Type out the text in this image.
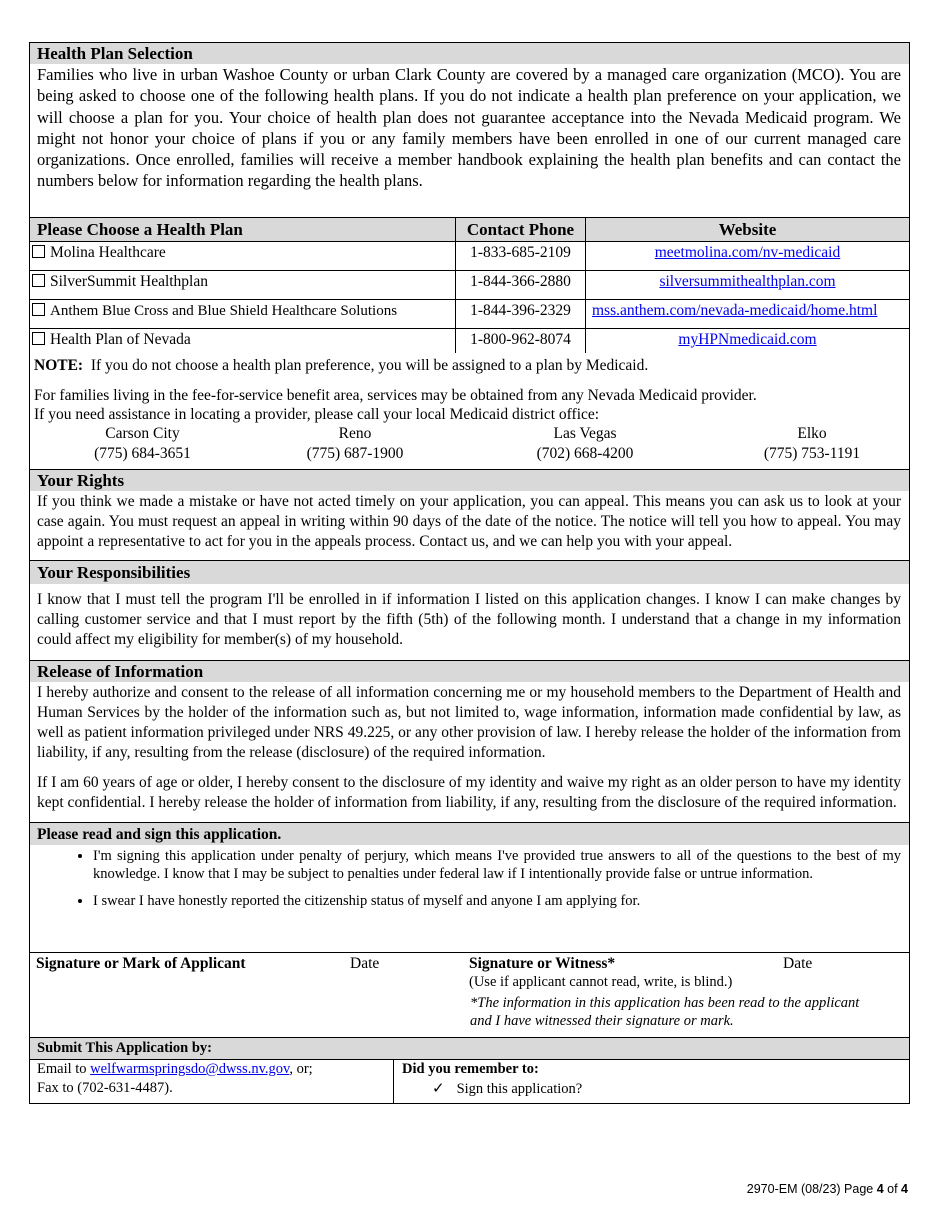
Health Plan Selection
Families who live in urban Washoe County or urban Clark County are covered by a managed care organization (MCO). You are being asked to choose one of the following health plans. If you do not indicate a health plan preference on your application, we will choose a plan for you. Your choice of health plan does not guarantee acceptance into the Nevada Medicaid program. We might not honor your choice of plans if you or any family members have been enrolled in one of our current managed care organizations. Once enrolled, families will receive a member handbook explaining the health plan benefits and can contact the numbers below for information regarding the health plans.
Please Choose a Health Plan	Contact Phone	Website
Molina Healthcare	1-833-685-2109	meetmolina.com/nv-medicaid
SilverSummit Healthplan	1-844-366-2880	silversummithealthplan.com
Anthem Blue Cross and Blue Shield Healthcare Solutions	1-844-396-2329	mss.anthem.com/nevada-medicaid/home.html
Health Plan of Nevada	1-800-962-8074	myHPNmedicaid.com
NOTE: If you do not choose a health plan preference, you will be assigned to a plan by Medicaid.
For families living in the fee-for-service benefit area, services may be obtained from any Nevada Medicaid provider.
If you need assistance in locating a provider, please call your local Medicaid district office:
Carson City
(775) 684-3651
Reno
(775) 687-1900
Las Vegas
(702) 668-4200
Elko
(775) 753-1191
Your Rights
If you think we made a mistake or have not acted timely on your application, you can appeal. This means you can ask us to look at your case again. You must request an appeal in writing within 90 days of the date of the notice. The notice will tell you how to appeal. You may appoint a representative to act for you in the appeals process. Contact us, and we can help you with your appeal.
Your Responsibilities
I know that I must tell the program I'll be enrolled in if information I listed on this application changes. I know I can make changes by calling customer service and that I must report by the fifth (5th) of the following month. I understand that a change in my information could affect my eligibility for member(s) of my household.
Release of Information

I hereby authorize and consent to the release of all information concerning me or my household members to the Department of Health and Human Services by the holder of the information such as, but not limited to, wage information, information made confidential by law, as well as patient information privileged under NRS 49.225, or any other provision of law. I hereby release the holder of the information from liability, if any, resulting from the release (disclosure) of the required information.

If I am 60 years of age or older, I hereby consent to the disclosure of my identity and waive my right as an older person to have my identity kept confidential. I hereby release the holder of information from liability, if any, resulting from the disclosure of the required information.

Please read and sign this application.
• I'm signing this application under penalty of perjury, which means I've provided true answers to all of the questions to the best of my knowledge. I know that I may be subject to penalties under federal law if I intentionally provide false or untrue information.
• I swear I have honestly reported the citizenship status of myself and anyone I am applying for.
Signature or Mark of Applicant	Date	Signature or Witness*	Date
(Use if applicant cannot read, write, is blind.)
*The information in this application has been read to the applicant
and I have witnessed their signature or mark.
Submit This Application by:
Email to welfwarmspringsdo@dwss.nv.gov, or;
Fax to (702-631-4487).
Did you remember to:
✓ Sign this application?
2970-EM (08/23) Page 4 of 4
